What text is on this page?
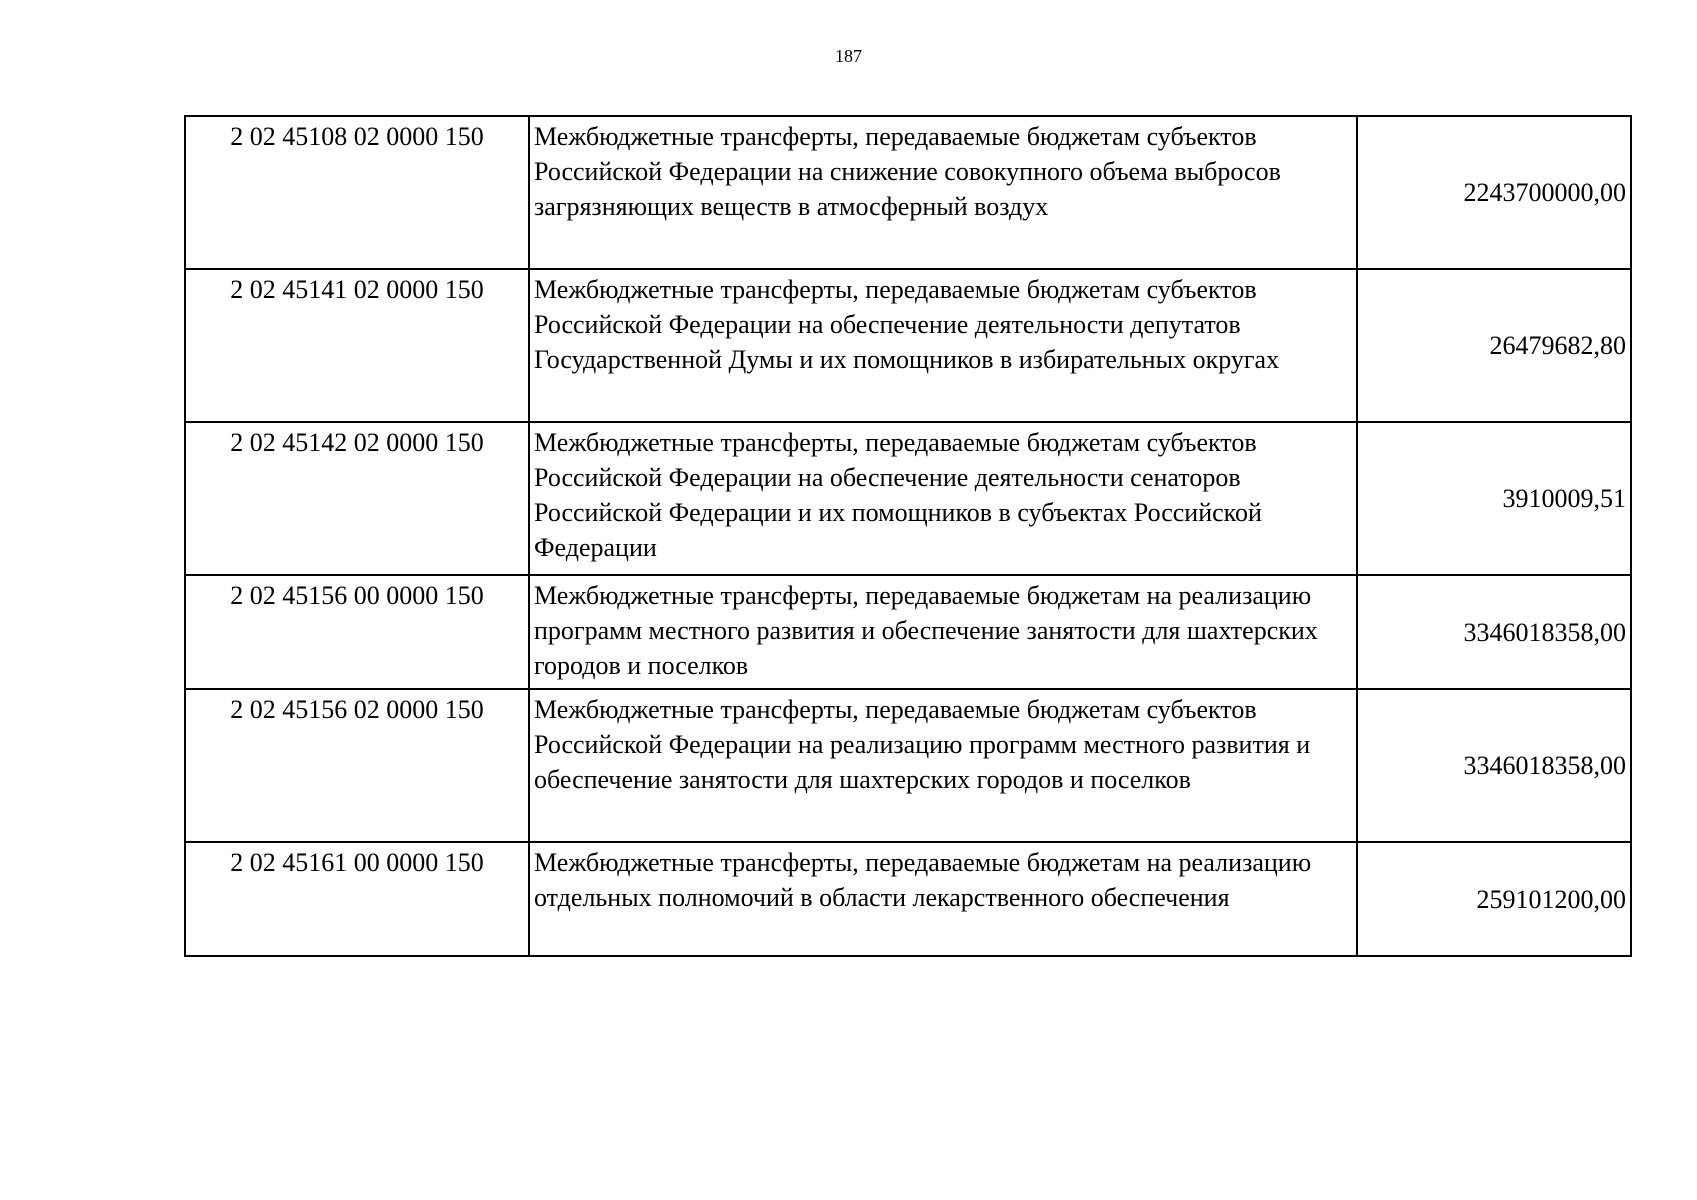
187
2 02 45108 02 0000 150	Межбюджетные трансферты, передаваемые бюджетам субъектов Российской Федерации на снижение совокупного объема выбросов загрязняющих веществ в атмосферный воздух	2243700000,00
2 02 45141 02 0000 150	Межбюджетные трансферты, передаваемые бюджетам субъектов Российской Федерации на обеспечение деятельности депутатов Государственной Думы и их помощников в избирательных округах	26479682,80
2 02 45142 02 0000 150	Межбюджетные трансферты, передаваемые бюджетам субъектов Российской Федерации на обеспечение деятельности сенаторов Российской Федерации и их помощников в субъектах Российской Федерации	3910009,51
2 02 45156 00 0000 150	Межбюджетные трансферты, передаваемые бюджетам на реализацию программ местного развития и обеспечение занятости для шахтерских городов и поселков	3346018358,00
2 02 45156 02 0000 150	Межбюджетные трансферты, передаваемые бюджетам субъектов Российской Федерации на реализацию программ местного развития и обеспечение занятости для шахтерских городов и поселков	3346018358,00
2 02 45161 00 0000 150	Межбюджетные трансферты, передаваемые бюджетам на реализацию отдельных полномочий в области лекарственного обеспечения	259101200,00
